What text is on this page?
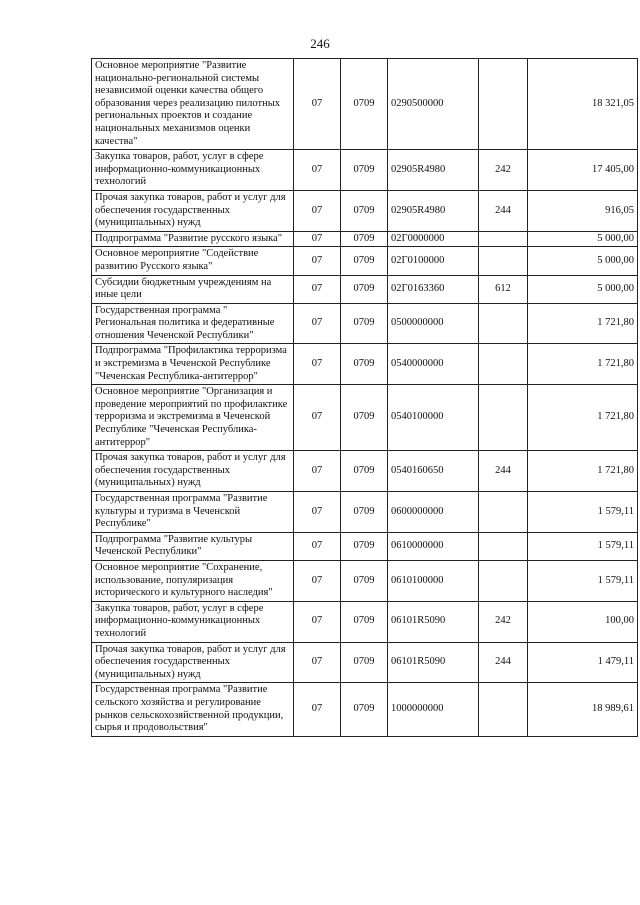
246
Основное мероприятие "Развитие национально-региональной системы независимой оценки качества общего образования через реализацию пилотных региональных проектов и создание национальных механизмов оценки качества"	07	0709	0290500000		18 321,05
Закупка товаров, работ, услуг в сфере информационно-коммуникационных технологий	07	0709	02905R4980	242	17 405,00
Прочая закупка товаров, работ и услуг для обеспечения государственных (муниципальных) нужд	07	0709	02905R4980	244	916,05
Подпрограмма "Развитие русского языка"	07	0709	02Г0000000		5 000,00
Основное мероприятие "Содействие развитию Русского языка"	07	0709	02Г0100000		5 000,00
Субсидии бюджетным учреждениям на иные цели	07	0709	02Г0163360	612	5 000,00
Государственная программа " Региональная политика и федеративные отношения Чеченской Республики"	07	0709	0500000000		1 721,80
Подпрограмма "Профилактика терроризма и экстремизма в Чеченской Республике "Чеченская Республика-антитеррор"	07	0709	0540000000		1 721,80
Основное мероприятие "Организация и проведение мероприятий по профилактике терроризма и экстремизма в Чеченской Республике "Чеченская Республика-антитеррор"	07	0709	0540100000		1 721,80
Прочая закупка товаров, работ и услуг для обеспечения государственных (муниципальных) нужд	07	0709	0540160650	244	1 721,80
Государственная программа "Развитие культуры и туризма в Чеченской Республике"	07	0709	0600000000		1 579,11
Подпрограмма "Развитие культуры Чеченской Республики"	07	0709	0610000000		1 579,11
Основное мероприятие "Сохранение, использование, популяризация исторического и культурного наследия"	07	0709	0610100000		1 579,11
Закупка товаров, работ, услуг в сфере информационно-коммуникационных технологий	07	0709	06101R5090	242	100,00
Прочая закупка товаров, работ и услуг для обеспечения государственных (муниципальных) нужд	07	0709	06101R5090	244	1 479,11
Государственная программа "Развитие сельского хозяйства и регулирование рынков сельскохозяйственной продукции, сырья и продовольствия"	07	0709	1000000000		18 989,61
